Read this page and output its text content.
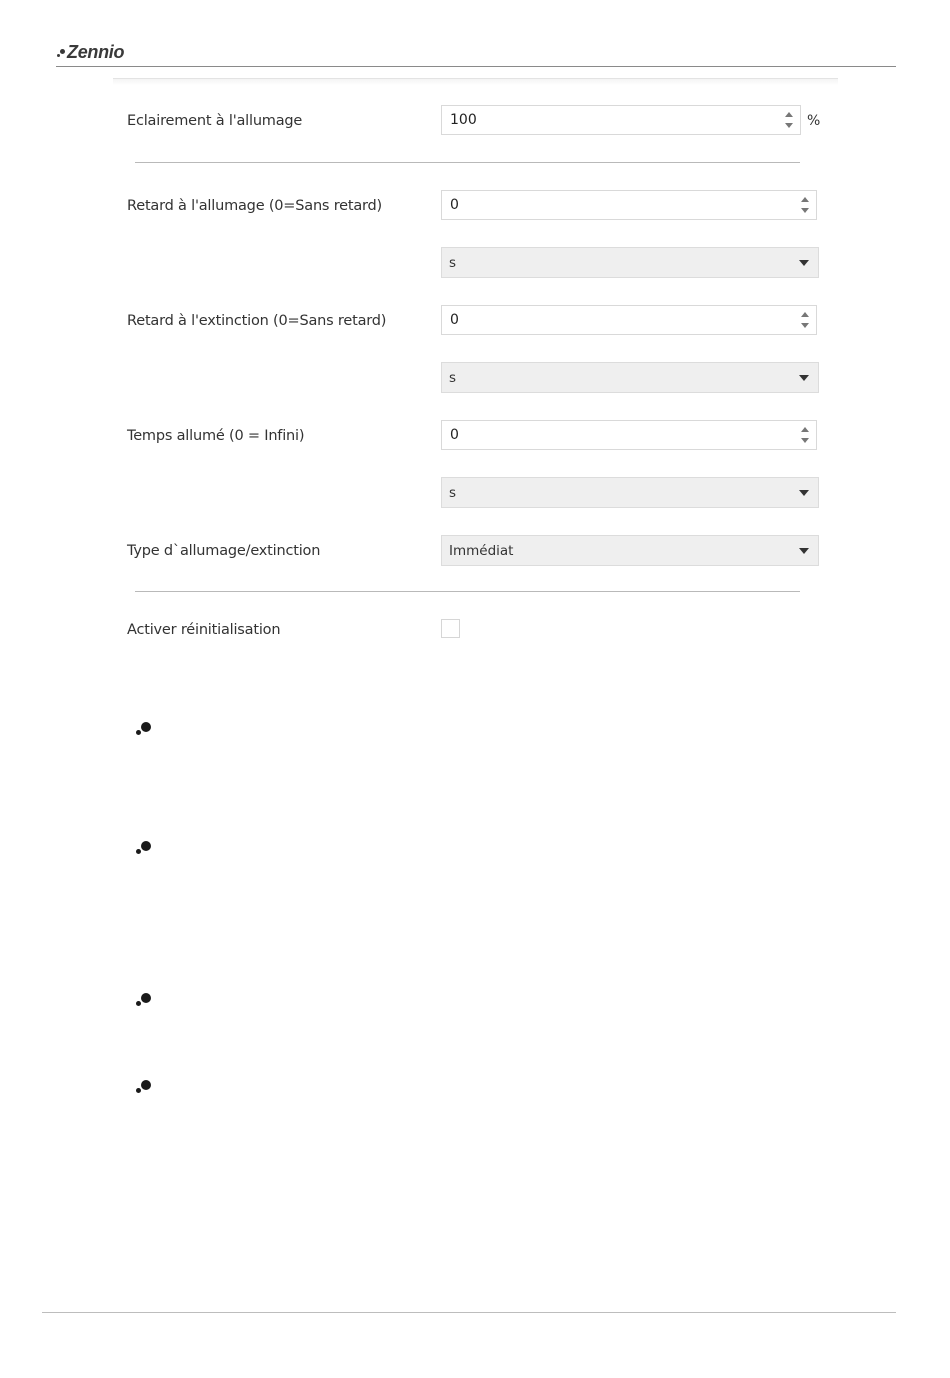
Zennio
Eclairement à l'allumage	100	%
Retard à l'allumage (0=Sans retard)	0
s
Retard à l'extinction (0=Sans retard)	0
s
Temps allumé (0 = Infini)	0
s
Type d`allumage/extinction	Immédiat
Activer réinitialisation
